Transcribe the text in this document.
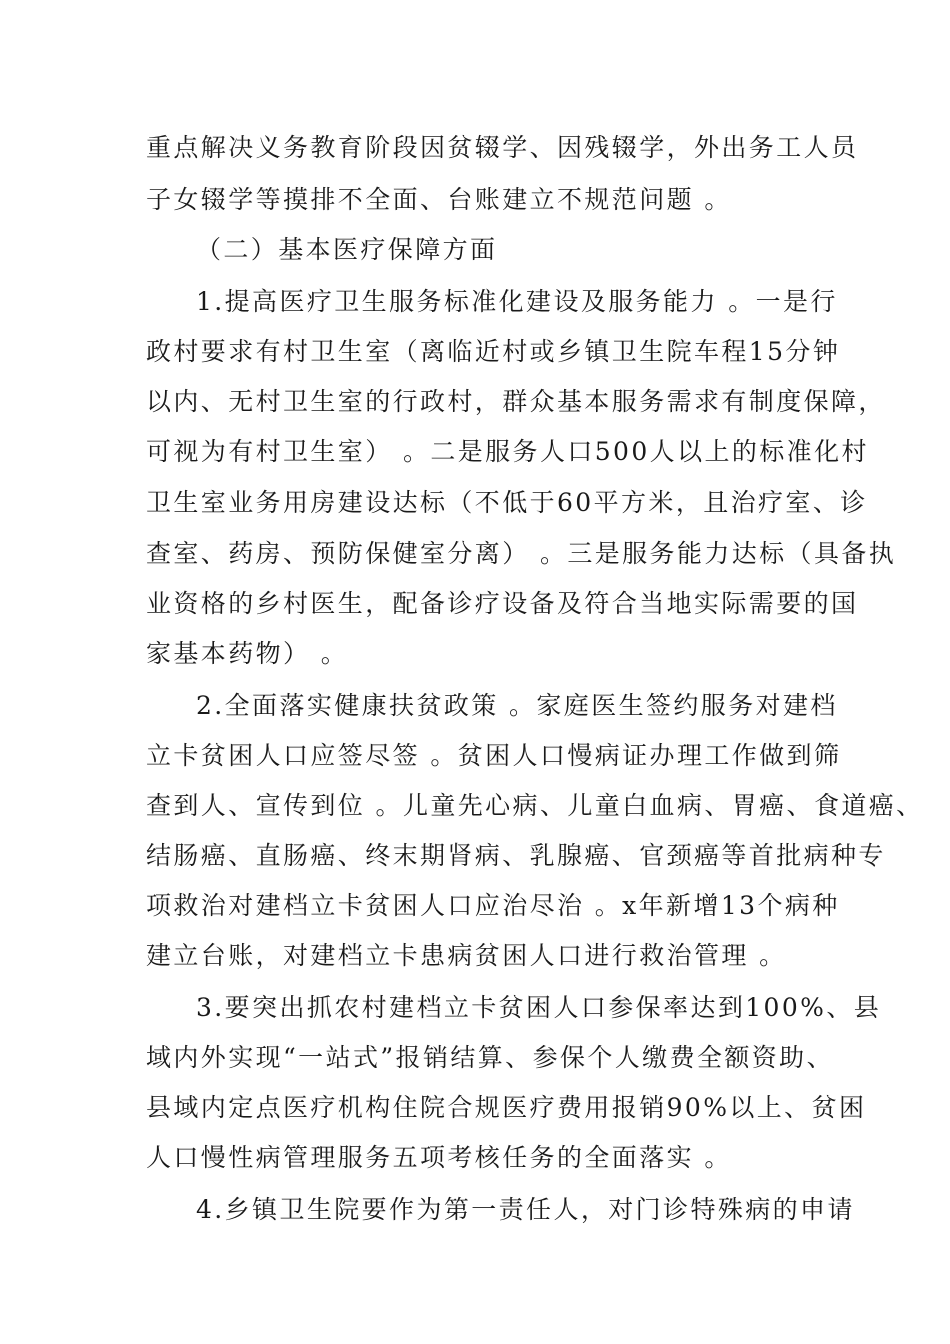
重点解决义务教育阶段因贫辍学、因残辍学，外出务工人员
子女辍学等摸排不全面、台账建立不规范问题 。
（二）基本医疗保障方面
1.提高医疗卫生服务标准化建设及服务能力 。一是行
政村要求有村卫生室（离临近村或乡镇卫生院车程15分钟
以内、无村卫生室的行政村，群众基本服务需求有制度保障，
可视为有村卫生室） 。二是服务人口500人以上的标准化村
卫生室业务用房建设达标（不低于60平方米，且治疗室、诊
查室、药房、预防保健室分离） 。三是服务能力达标（具备执
业资格的乡村医生，配备诊疗设备及符合当地实际需要的国
家基本药物） 。
2.全面落实健康扶贫政策 。家庭医生签约服务对建档
立卡贫困人口应签尽签 。贫困人口慢病证办理工作做到筛
查到人、宣传到位 。儿童先心病、儿童白血病、胃癌、食道癌、
结肠癌、直肠癌、终末期肾病、乳腺癌、官颈癌等首批病种专
项救治对建档立卡贫困人口应治尽治 。x年新增13个病种
建立台账，对建档立卡患病贫困人口进行救治管理 。
3.要突出抓农村建档立卡贫困人口参保率达到100%、县
域内外实现“一站式”报销结算、参保个人缴费全额资助、
县域内定点医疗机构住院合规医疗费用报销90%以上、贫困
人口慢性病管理服务五项考核任务的全面落实 。
4.乡镇卫生院要作为第一责任人，对门诊特殊病的申请
